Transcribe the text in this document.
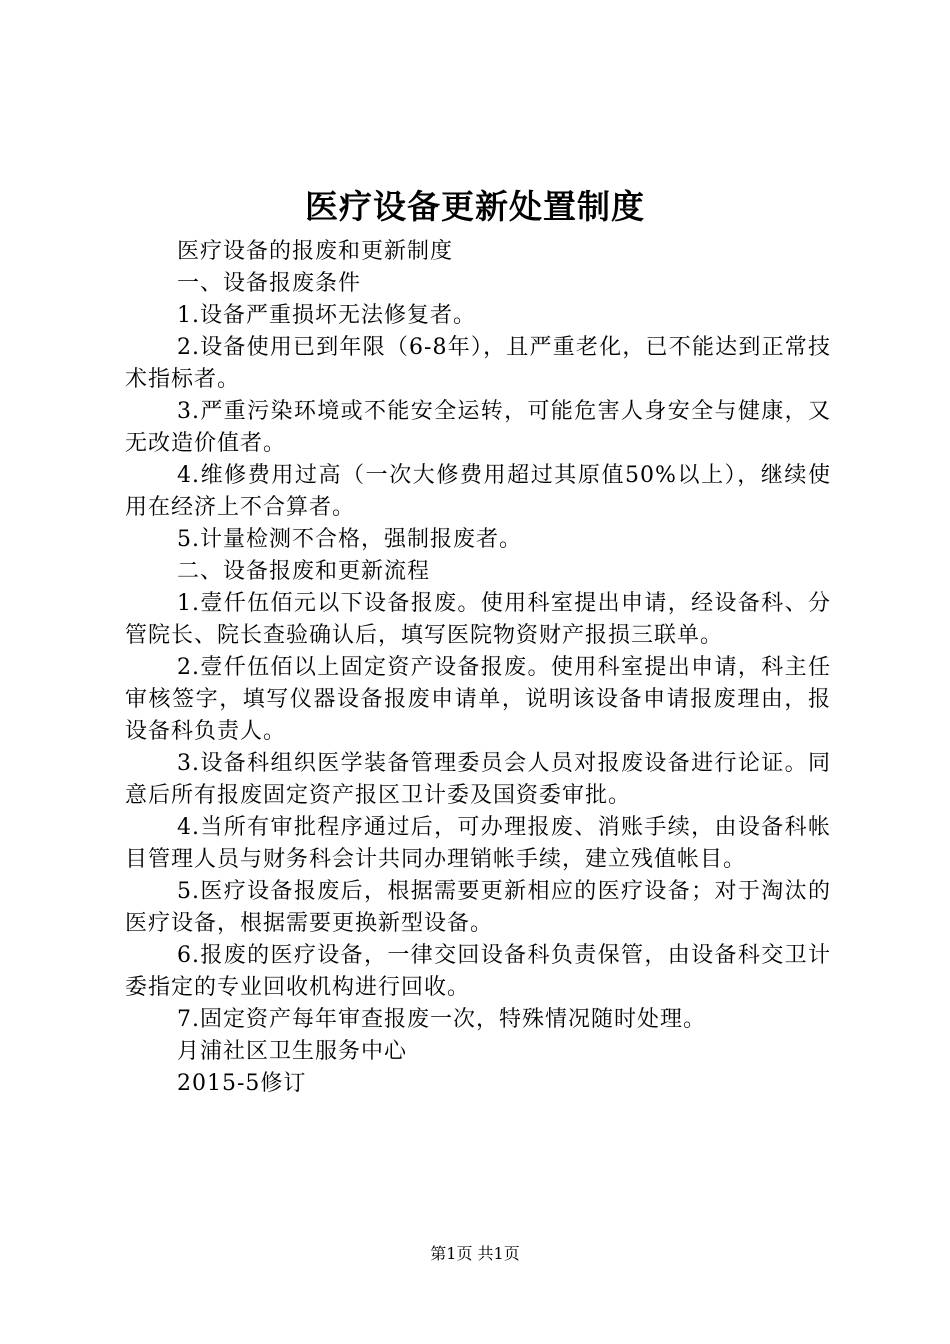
医疗设备更新处置制度

医疗设备的报废和更新制度

一、设备报废条件

1.设备严重损坏无法修复者。

2.设备使用已到年限（6-8年），且严重老化，已不能达到正常技术指标者。

3.严重污染环境或不能安全运转，可能危害人身安全与健康，又无改造价值者。

4.维修费用过高（一次大修费用超过其原值50%以上），继续使用在经济上不合算者。

5.计量检测不合格，强制报废者。

二、设备报废和更新流程

1.壹仟伍佰元以下设备报废。使用科室提出申请，经设备科、分管院长、院长查验确认后，填写医院物资财产报损三联单。

2.壹仟伍佰以上固定资产设备报废。使用科室提出申请，科主任审核签字，填写仪器设备报废申请单，说明该设备申请报废理由，报设备科负责人。

3.设备科组织医学装备管理委员会人员对报废设备进行论证。同意后所有报废固定资产报区卫计委及国资委审批。

4.当所有审批程序通过后，可办理报废、消账手续，由设备科帐目管理人员与财务科会计共同办理销帐手续，建立残值帐目。

5.医疗设备报废后，根据需要更新相应的医疗设备；对于淘汰的医疗设备，根据需要更换新型设备。

6.报废的医疗设备，一律交回设备科负责保管，由设备科交卫计委指定的专业回收机构进行回收。

7.固定资产每年审查报废一次，特殊情况随时处理。

月浦社区卫生服务中心

2015-5修订

第1页 共1页
